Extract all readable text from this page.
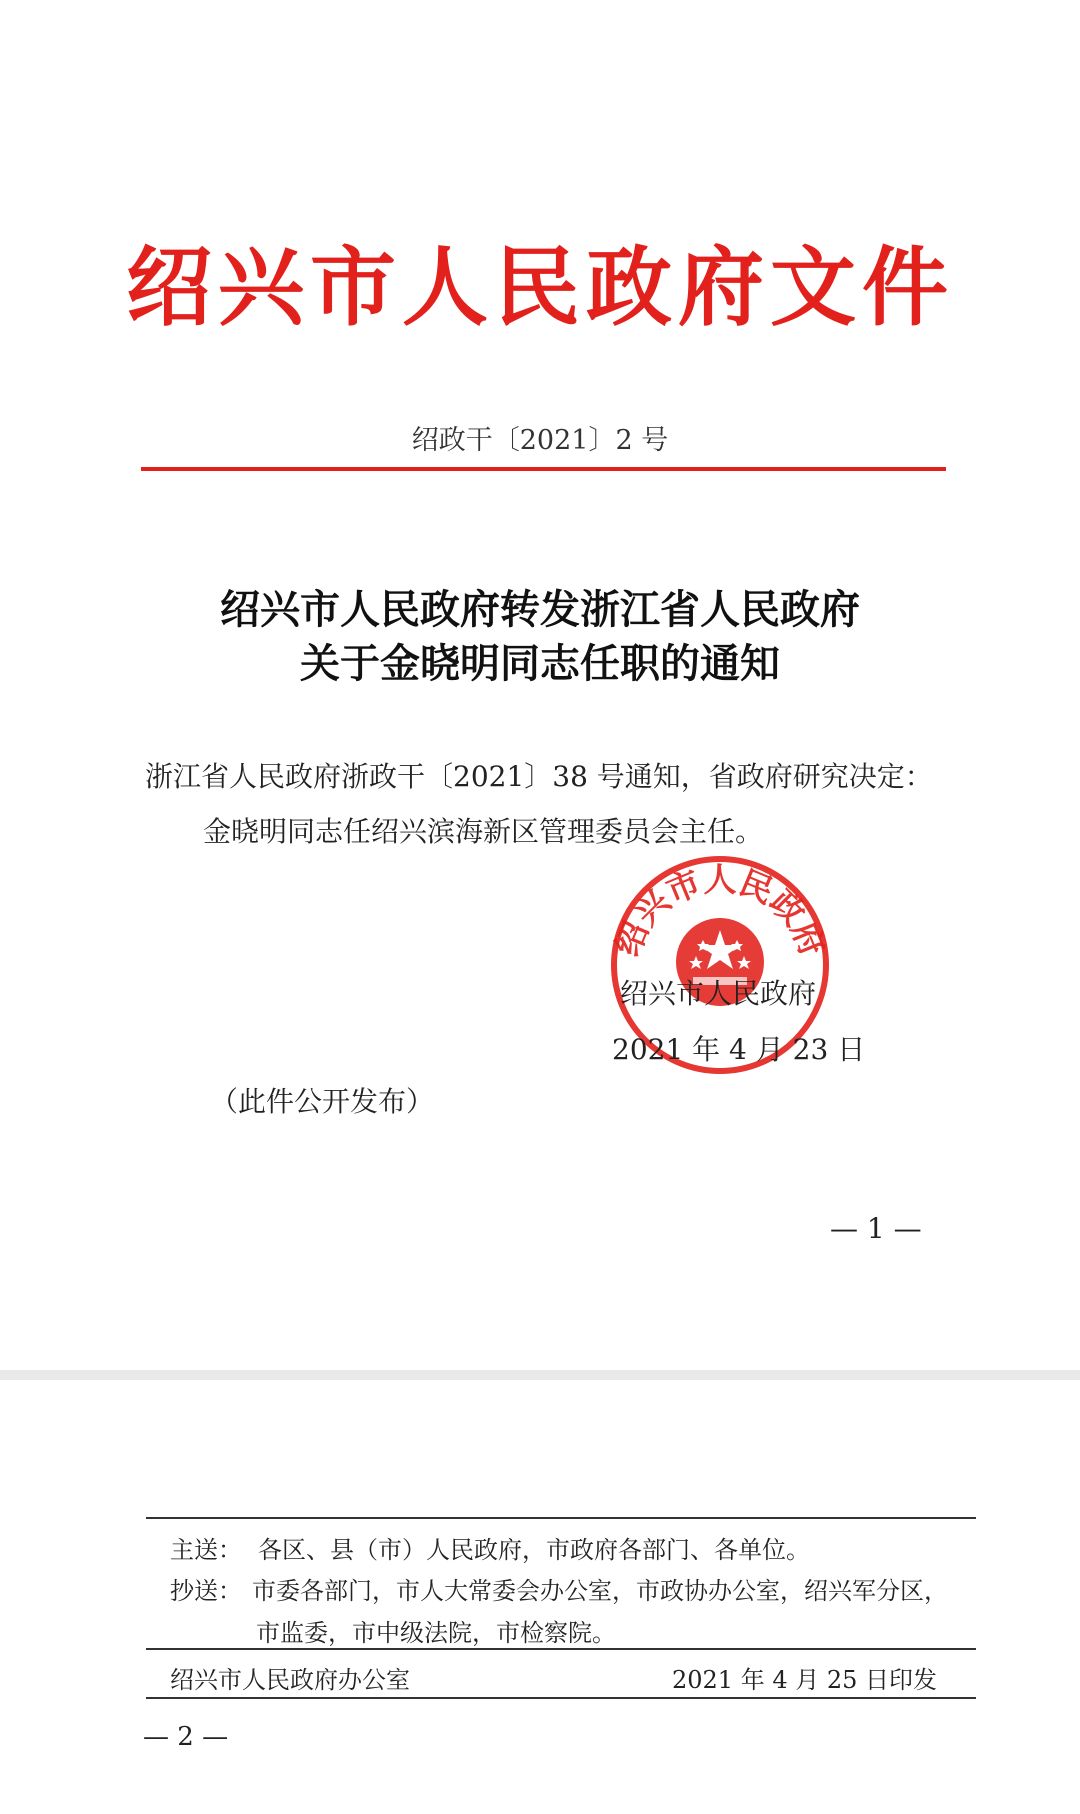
绍兴市人民政府文件
绍政干〔2021〕2 号
绍兴市人民政府转发浙江省人民政府
关于金晓明同志任职的通知
浙江省人民政府浙政干〔2021〕38 号通知，省政府研究决定：
金晓明同志任绍兴滨海新区管理委员会主任。
绍兴市人民政府
绍兴市人民政府
2021 年 4 月 23 日
（此件公开发布）
— 1 —
主送： 各区、县（市）人民政府，市政府各部门、各单位。
抄送： 市委各部门，市人大常委会办公室，市政协办公室，绍兴军分区，
市监委，市中级法院，市检察院。
绍兴市人民政府办公室	2021 年 4 月 25 日印发
— 2 —
